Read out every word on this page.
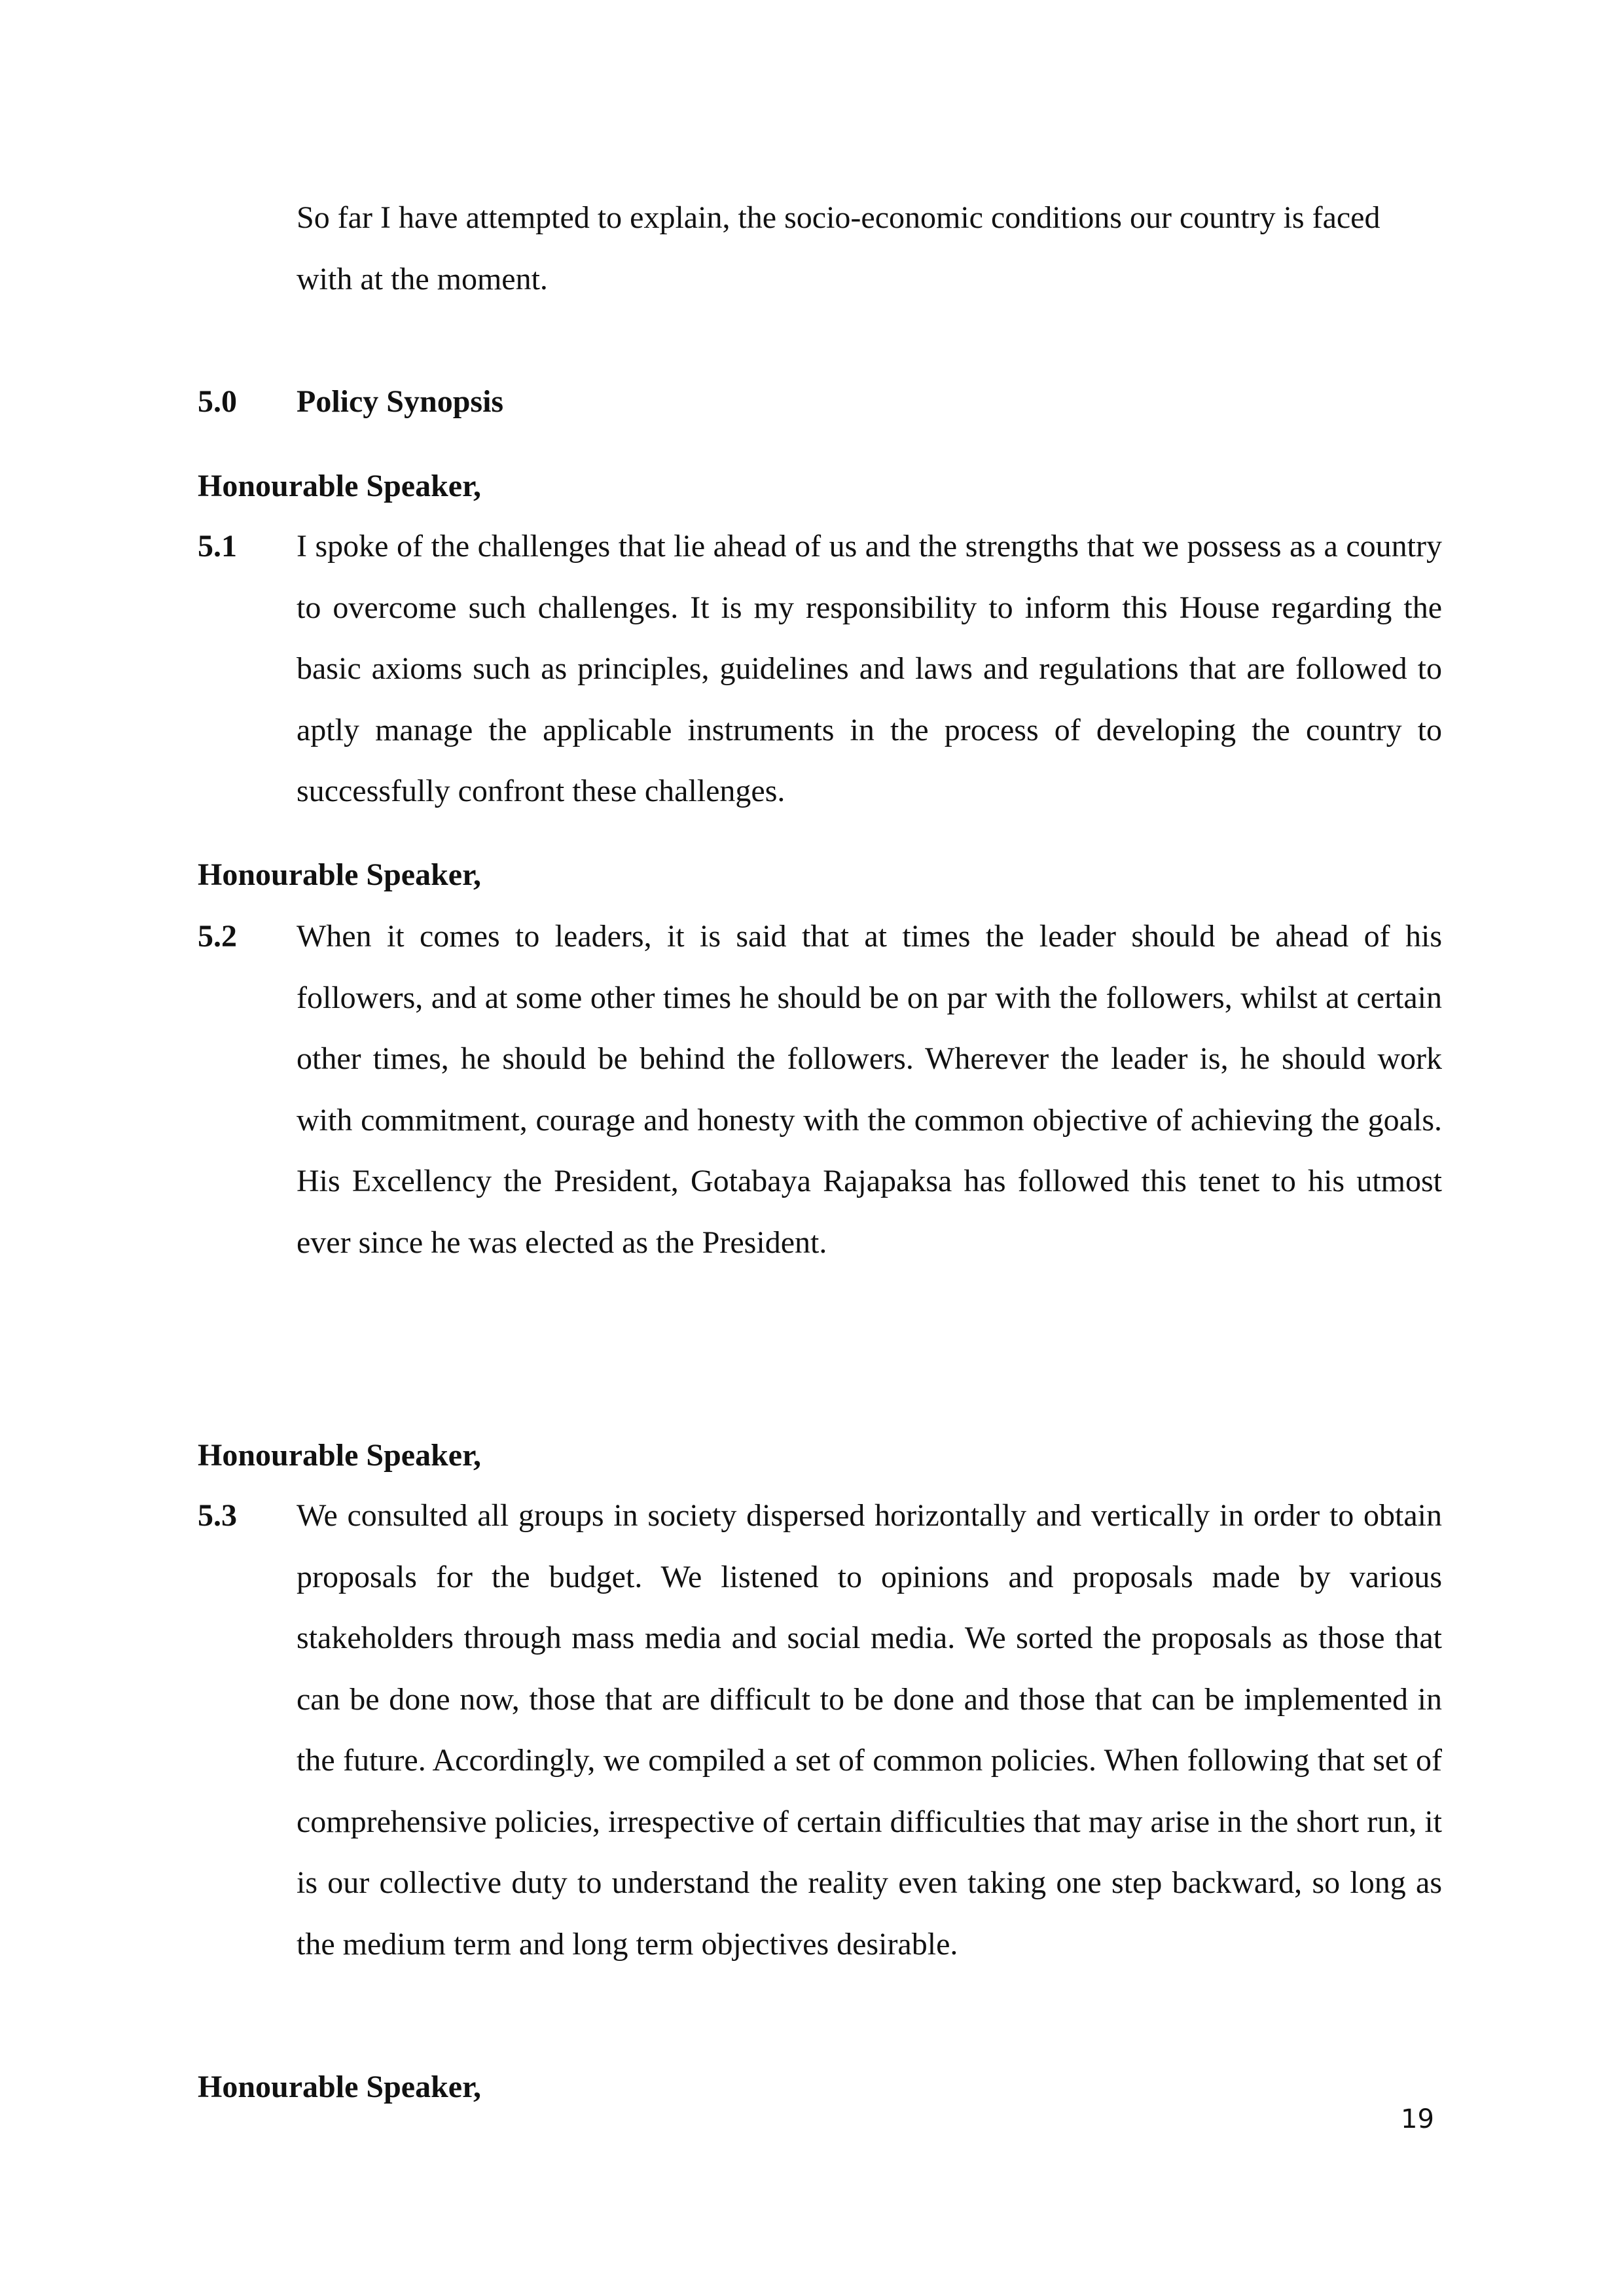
So far I have attempted to explain, the socio-economic conditions our country is faced with at the moment.

5.0 Policy Synopsis
Honourable Speaker,
5.1 I spoke of the challenges that lie ahead of us and the strengths that we possess as a country to overcome such challenges. It is my responsibility to inform this House regarding the basic axioms such as principles, guidelines and laws and regulations that are followed to aptly manage the applicable instruments in the process of developing the country to successfully confront these challenges.

Honourable Speaker,
5.2 When it comes to leaders, it is said that at times the leader should be ahead of his followers, and at some other times he should be on par with the followers, whilst at certain other times, he should be behind the followers. Wherever the leader is, he should work with commitment, courage and honesty with the common objective of achieving the goals. His Excellency the President, Gotabaya Rajapaksa has followed this tenet to his utmost ever since he was elected as the President.

Honourable Speaker,
5.3 We consulted all groups in society dispersed horizontally and vertically in order to obtain proposals for the budget. We listened to opinions and proposals made by various stakeholders through mass media and social media. We sorted the proposals as those that can be done now, those that are difficult to be done and those that can be implemented in the future. Accordingly, we compiled a set of common policies. When following that set of comprehensive policies, irrespective of certain difficulties that may arise in the short run, it is our collective duty to understand the reality even taking one step backward, so long as the medium term and long term objectives desirable.

Honourable Speaker,
19
